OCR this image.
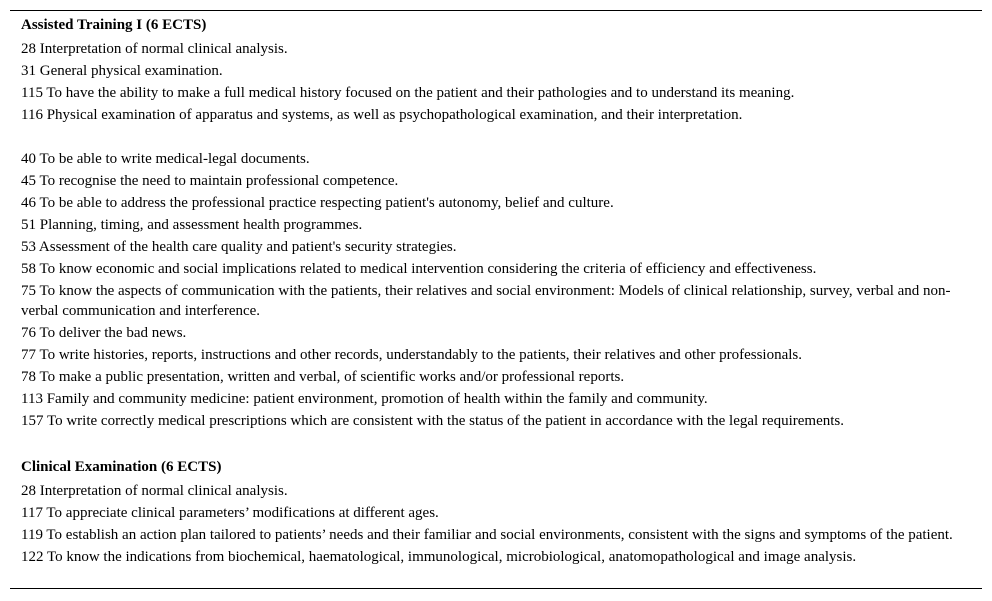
Assisted Training I (6 ECTS)
28 Interpretation of normal clinical analysis.
31 General physical examination.
115 To have the ability to make a full medical history focused on the patient and their pathologies and to understand its meaning.
116 Physical examination of apparatus and systems, as well as psychopathological examination, and their interpretation.
40 To be able to write medical-legal documents.
45 To recognise the need to maintain professional competence.
46 To be able to address the professional practice respecting patient's autonomy, belief and culture.
51 Planning, timing, and assessment health programmes.
53 Assessment of the health care quality and patient's security strategies.
58 To know economic and social implications related to medical intervention considering the criteria of efficiency and effectiveness.
75 To know the aspects of communication with the patients, their relatives and social environment: Models of clinical relationship, survey, verbal and non-verbal communication and interference.
76 To deliver the bad news.
77 To write histories, reports, instructions and other records, understandably to the patients, their relatives and other professionals.
78 To make a public presentation, written and verbal, of scientific works and/or professional reports.
113 Family and community medicine: patient environment, promotion of health within the family and community.
157 To write correctly medical prescriptions which are consistent with the status of the patient in accordance with the legal requirements.
Clinical Examination (6 ECTS)
28 Interpretation of normal clinical analysis.
117 To appreciate clinical parameters’ modifications at different ages.
119 To establish an action plan tailored to patients’ needs and their familiar and social environments, consistent with the signs and symptoms of the patient.
122 To know the indications from biochemical, haematological, immunological, microbiological, anatomopathological and image analysis.
